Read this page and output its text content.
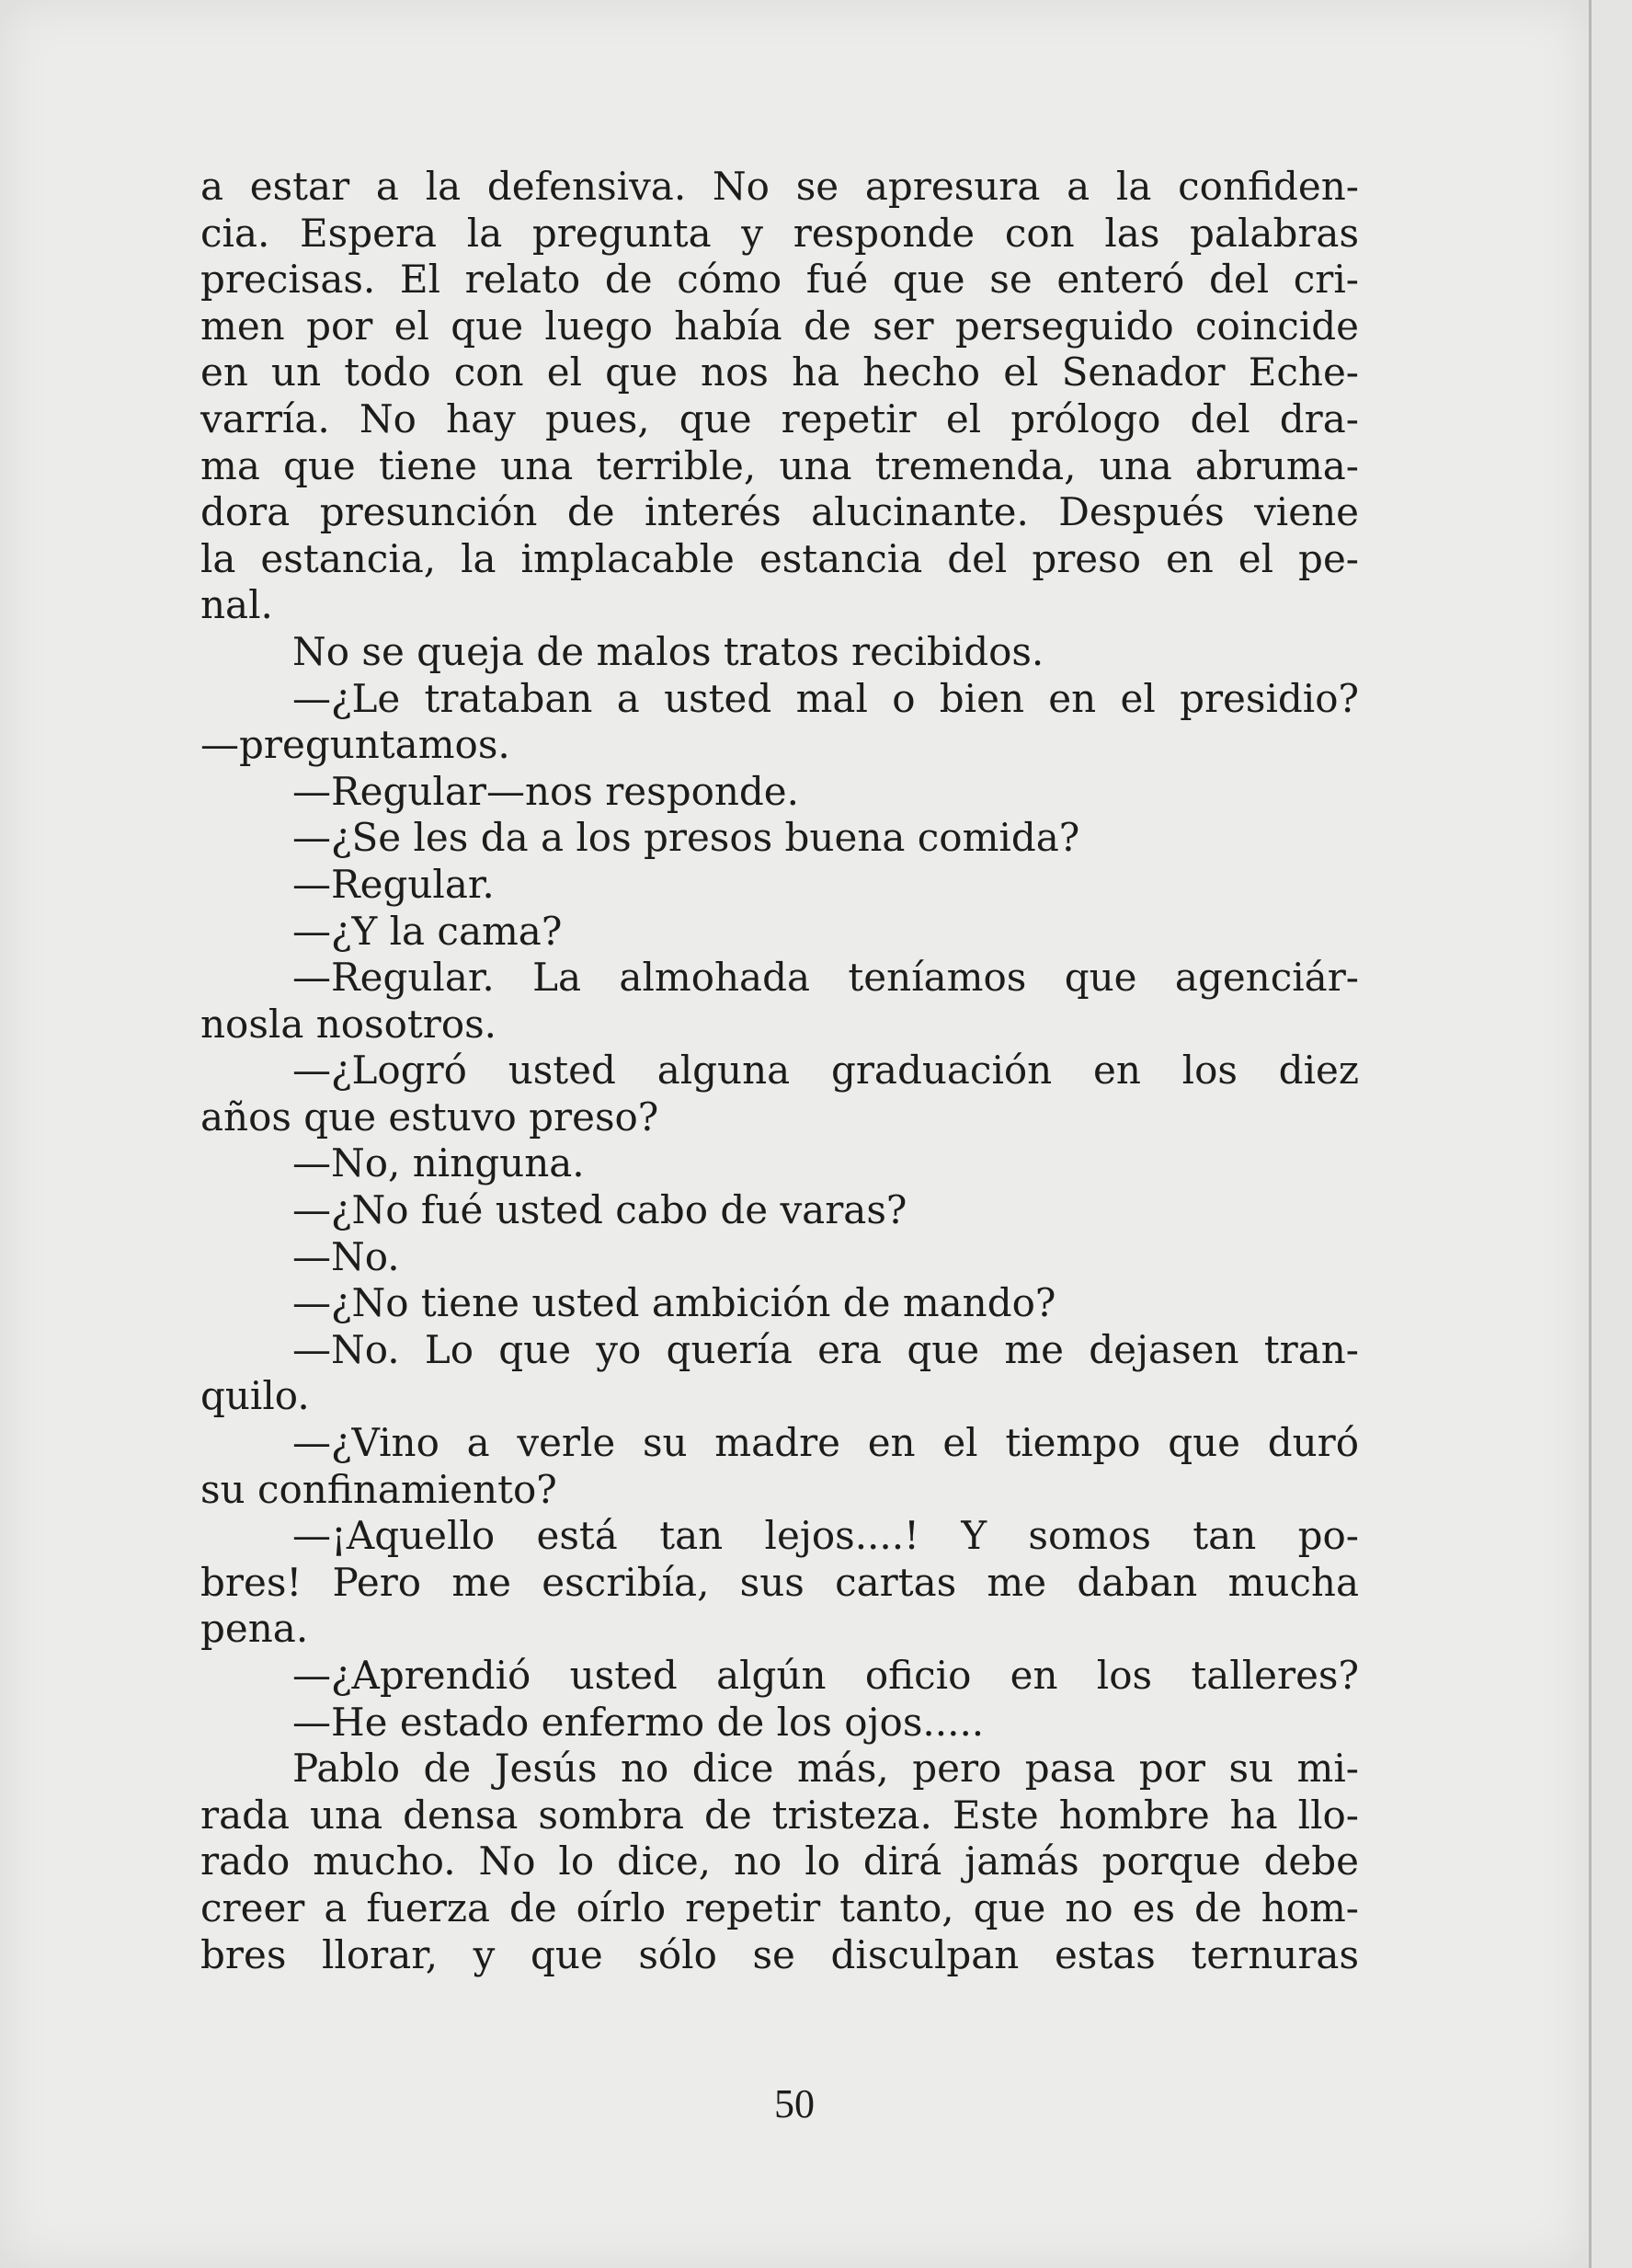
a estar a la defensiva. No se apresura a la confiden-
cia. Espera la pregunta y responde con las palabras
precisas. El relato de cómo fué que se enteró del cri-
men por el que luego había de ser perseguido coincide
en un todo con el que nos ha hecho el Senador Eche-
varría. No hay pues, que repetir el prólogo del dra-
ma que tiene una terrible, una tremenda, una abruma-
dora presunción de interés alucinante. Después viene
la estancia, la implacable estancia del preso en el pe-
nal.
No se queja de malos tratos recibidos.
—¿Le trataban a usted mal o bien en el presidio?
—preguntamos.
—Regular—nos responde.
—¿Se les da a los presos buena comida?
—Regular.
—¿Y la cama?
—Regular. La almohada teníamos que agenciár-
nosla nosotros.
—¿Logró usted alguna graduación en los diez
años que estuvo preso?
—No, ninguna.
—¿No fué usted cabo de varas?
—No.
—¿No tiene usted ambición de mando?
—No. Lo que yo quería era que me dejasen tran-
quilo.
—¿Vino a verle su madre en el tiempo que duró
su confinamiento?
—¡Aquello está tan lejos....! Y somos tan po-
bres! Pero me escribía, sus cartas me daban mucha
pena.
—¿Aprendió usted algún oficio en los talleres?
—He estado enfermo de los ojos.....
Pablo de Jesús no dice más, pero pasa por su mi-
rada una densa sombra de tristeza. Este hombre ha llo-
rado mucho. No lo dice, no lo dirá jamás porque debe
creer a fuerza de oírlo repetir tanto, que no es de hom-
bres llorar, y que sólo se disculpan estas ternuras
50
